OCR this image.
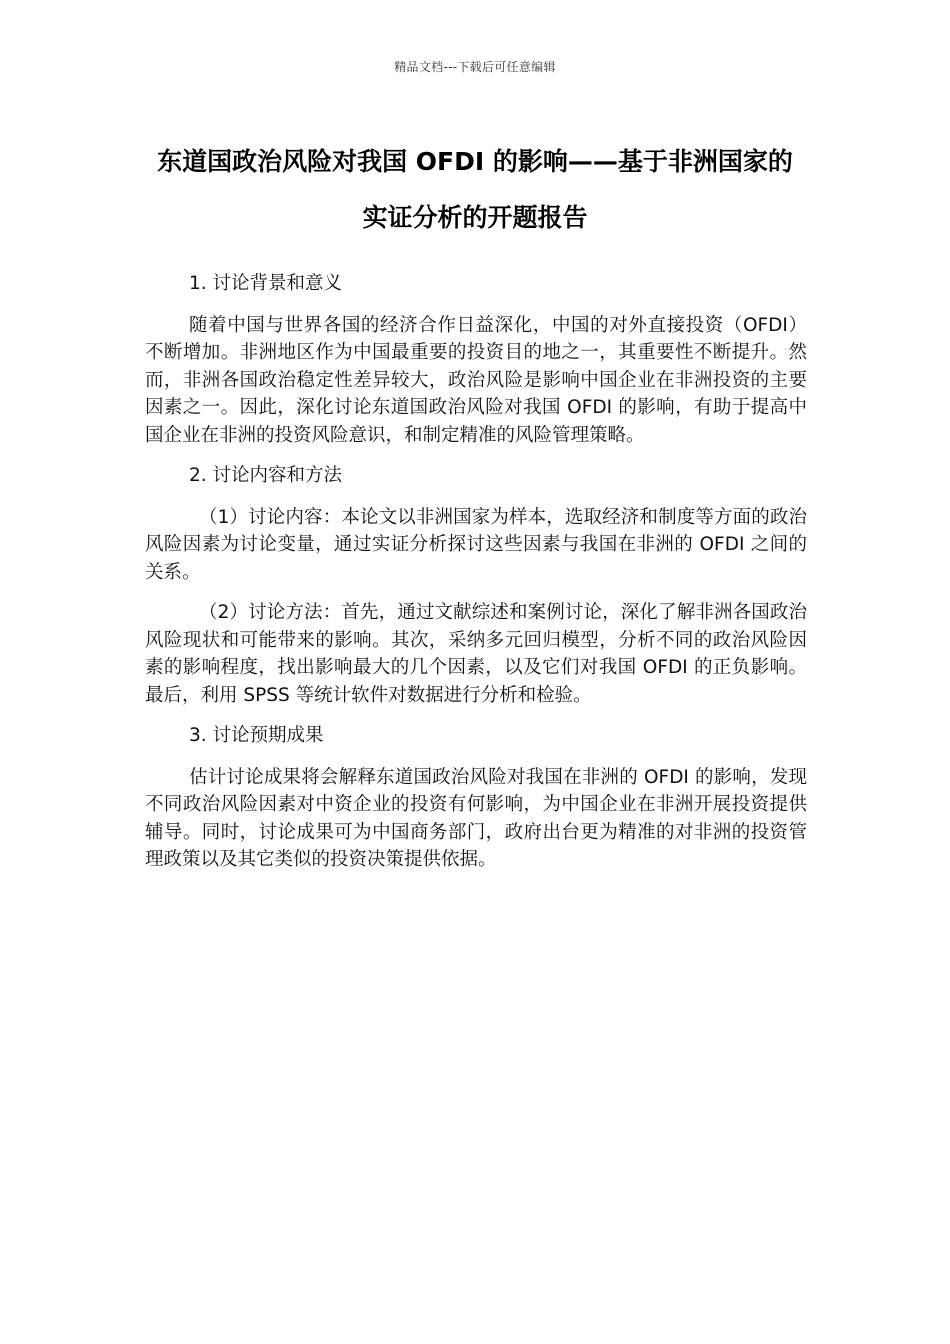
精品文档---下载后可任意编辑
东道国政治风险对我国 OFDI 的影响——基于非洲国家的实证分析的开题报告

1. 讨论背景和意义

随着中国与世界各国的经济合作日益深化，中国的对外直接投资（OFDI）不断增加。非洲地区作为中国最重要的投资目的地之一，其重要性不断提升。然而，非洲各国政治稳定性差异较大，政治风险是影响中国企业在非洲投资的主要因素之一。因此，深化讨论东道国政治风险对我国 OFDI 的影响，有助于提高中国企业在非洲的投资风险意识，和制定精准的风险管理策略。

2. 讨论内容和方法

（1）讨论内容：本论文以非洲国家为样本，选取经济和制度等方面的政治风险因素为讨论变量，通过实证分析探讨这些因素与我国在非洲的 OFDI 之间的关系。

（2）讨论方法：首先，通过文献综述和案例讨论，深化了解非洲各国政治风险现状和可能带来的影响。其次，采纳多元回归模型，分析不同的政治风险因素的影响程度，找出影响最大的几个因素，以及它们对我国 OFDI 的正负影响。最后，利用 SPSS 等统计软件对数据进行分析和检验。

3. 讨论预期成果

估计讨论成果将会解释东道国政治风险对我国在非洲的 OFDI 的影响，发现不同政治风险因素对中资企业的投资有何影响，为中国企业在非洲开展投资提供辅导。同时，讨论成果可为中国商务部门，政府出台更为精准的对非洲的投资管理政策以及其它类似的投资决策提供依据。
